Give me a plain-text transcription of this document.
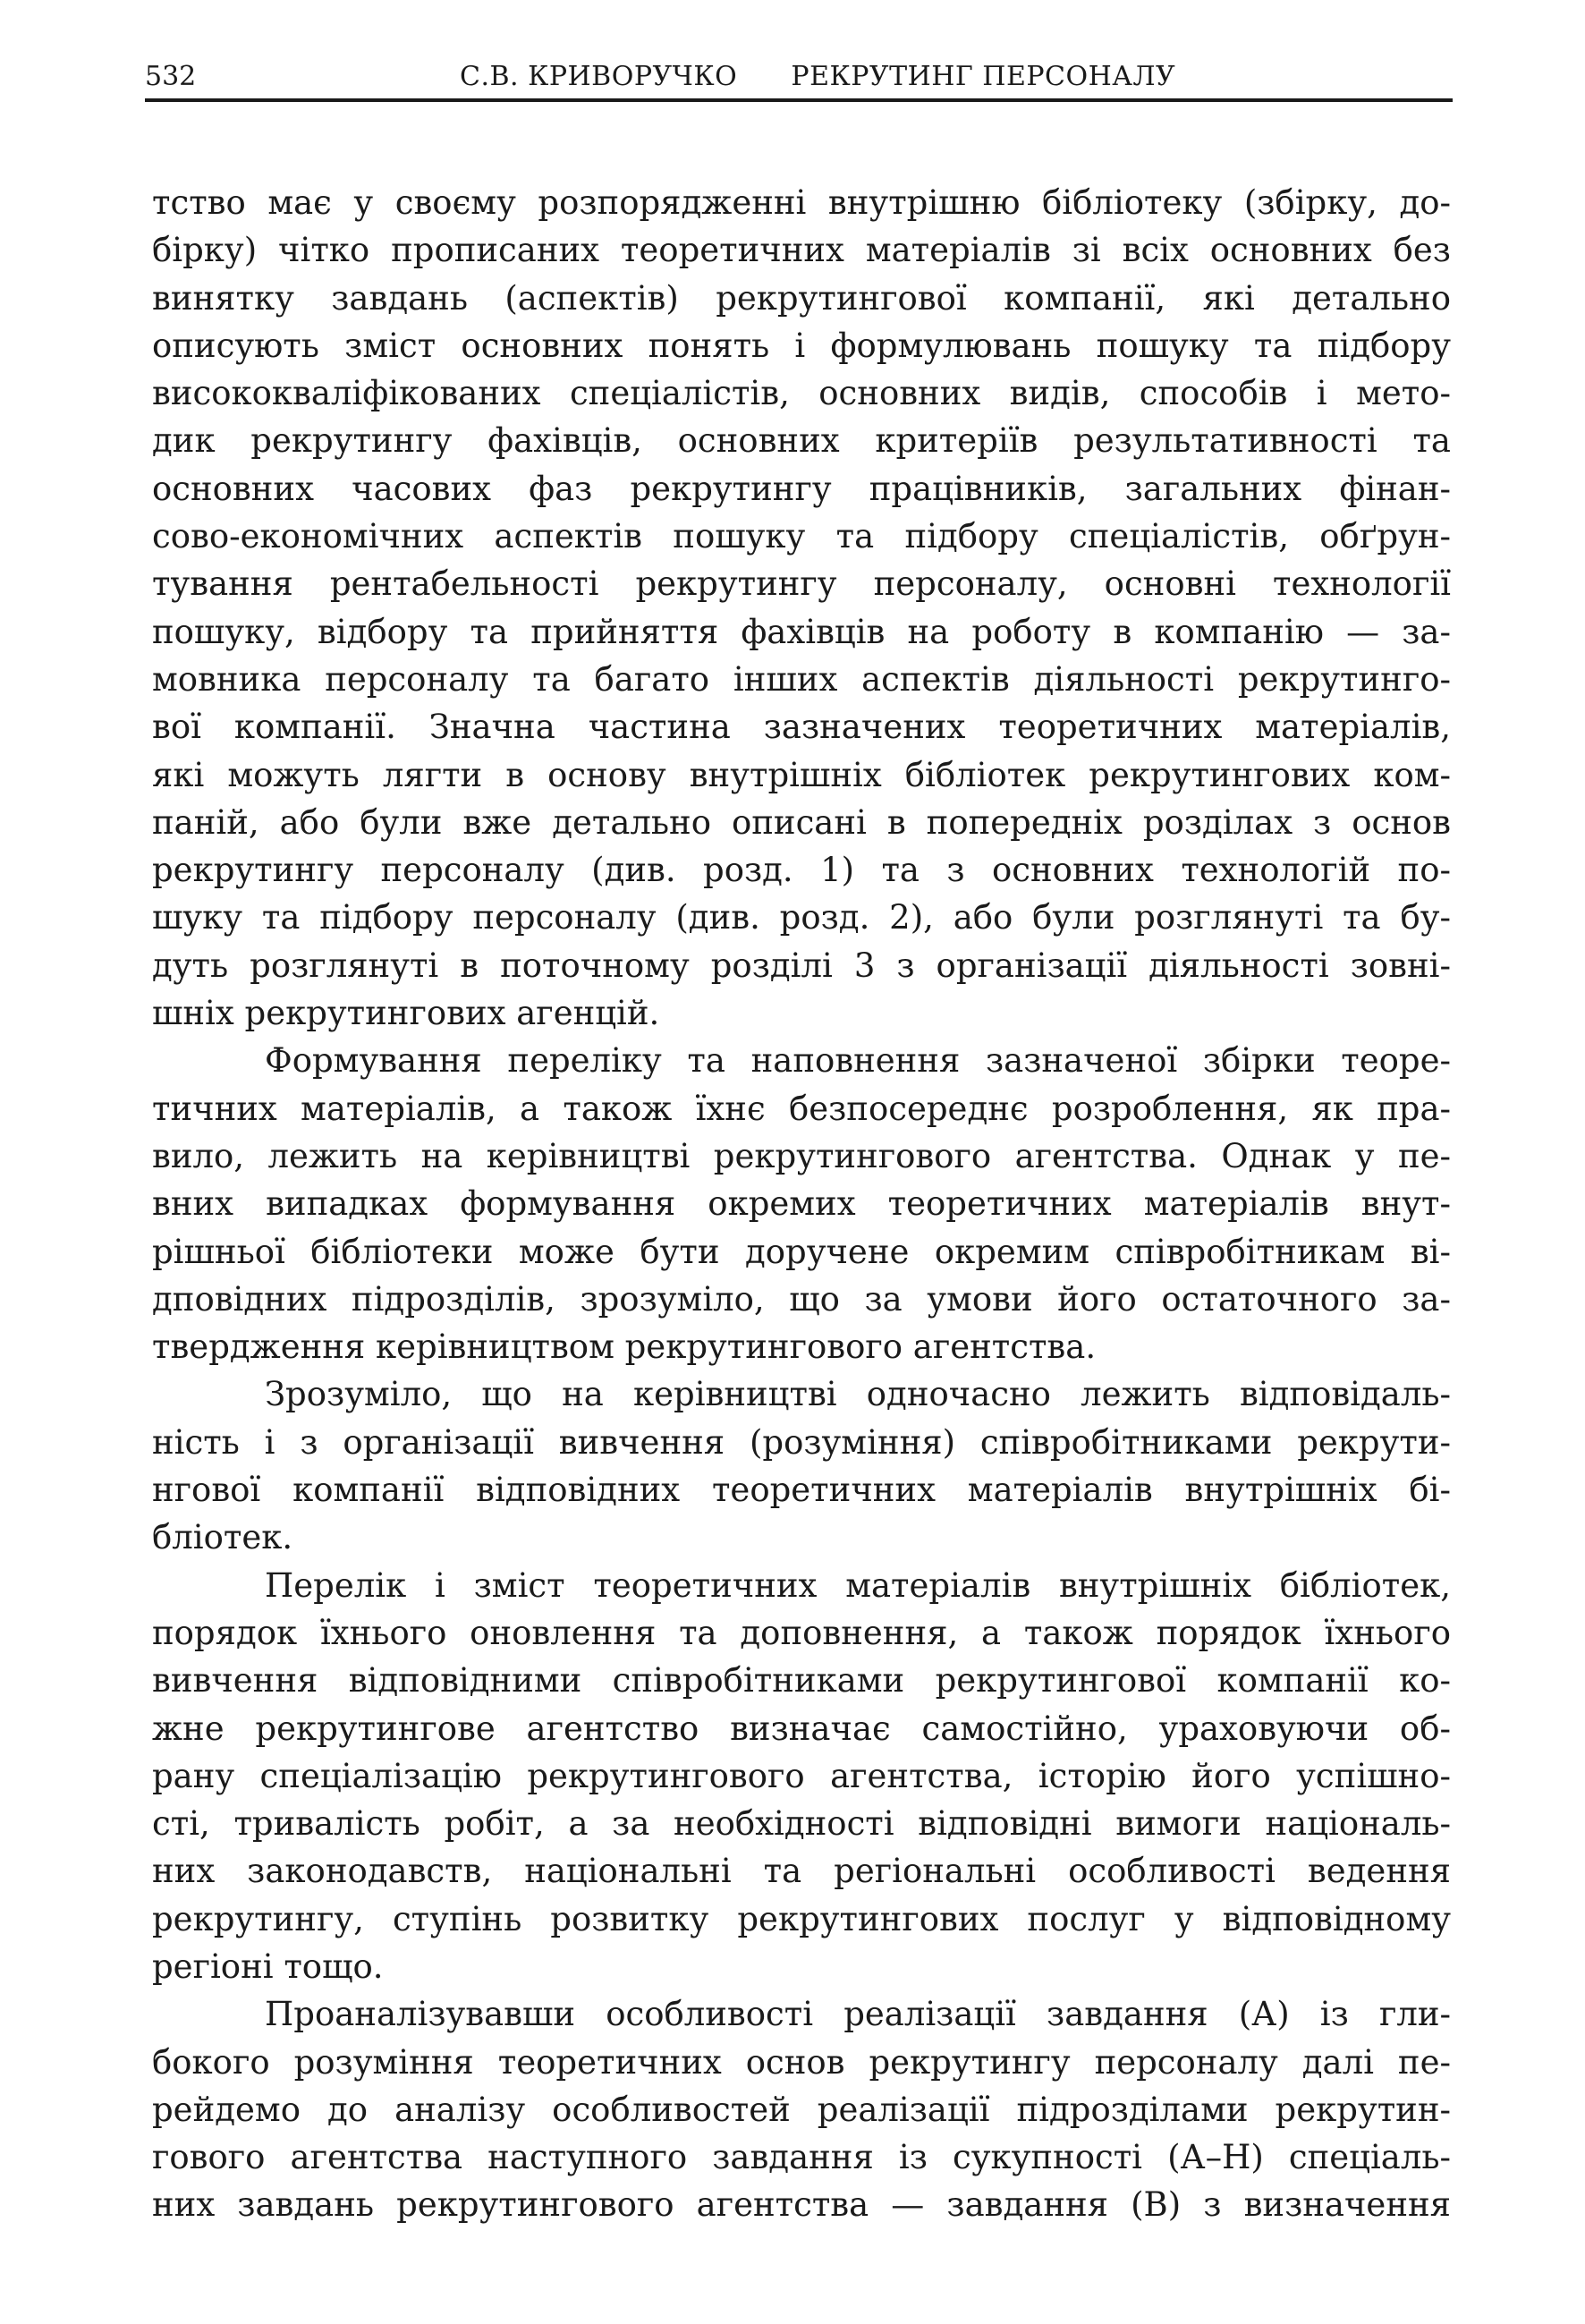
532	С.В. КРИВОРУЧКО      РЕКРУТИНГ ПЕРСОНАЛУ
тство має у своєму розпорядженні внутрішню бібліотеку (збірку, до-
бірку) чітко прописаних теоретичних матеріалів зі всіх основних без
винятку завдань (аспектів) рекрутингової компанії, які детально
описують зміст основних понять і формулювань пошуку та підбору
висококваліфікованих спеціалістів, основних видів, способів і мето-
дик рекрутингу фахівців, основних критеріїв результативності та
основних часових фаз рекрутингу працівників, загальних фінан-
сово-економічних аспектів пошуку та підбору спеціалістів, обґрун-
тування рентабельності рекрутингу персоналу, основні технології
пошуку, відбору та прийняття фахівців на роботу в компанію — за-
мовника персоналу та багато інших аспектів діяльності рекрутинго-
вої компанії. Значна частина зазначених теоретичних матеріалів,
які можуть лягти в основу внутрішніх бібліотек рекрутингових ком-
паній, або були вже детально описані в попередніх розділах з основ
рекрутингу персоналу (див. розд. 1) та з основних технологій по-
шуку та підбору персоналу (див. розд. 2), або були розглянуті та бу-
дуть розглянуті в поточному розділі 3 з організації діяльності зовні-
шніх рекрутингових агенцій.
Формування переліку та наповнення зазначеної збірки теоре-
тичних матеріалів, а також їхнє безпосереднє розроблення, як пра-
вило, лежить на керівництві рекрутингового агентства. Однак у пе-
вних випадках формування окремих теоретичних матеріалів внут-
рішньої бібліотеки може бути доручене окремим співробітникам ві-
дповідних підрозділів, зрозуміло, що за умови його остаточного за-
твердження керівництвом рекрутингового агентства.
Зрозуміло, що на керівництві одночасно лежить відповідаль-
ність і з організації вивчення (розуміння) співробітниками рекрути-
нгової компанії відповідних теоретичних матеріалів внутрішніх бі-
бліотек.
Перелік і зміст теоретичних матеріалів внутрішніх бібліотек,
порядок їхнього оновлення та доповнення, а також порядок їхнього
вивчення відповідними співробітниками рекрутингової компанії ко-
жне рекрутингове агентство визначає самостійно, ураховуючи об-
рану спеціалізацію рекрутингового агентства, історію його успішно-
сті, тривалість робіт, а за необхідності відповідні вимоги національ-
них законодавств, національні та регіональні особливості ведення
рекрутингу, ступінь розвитку рекрутингових послуг у відповідному
регіоні тощо.
Проаналізувавши особливості реалізації завдання (А) із гли-
бокого розуміння теоретичних основ рекрутингу персоналу далі пе-
рейдемо до аналізу особливостей реалізації підрозділами рекрутин-
гового агентства наступного завдання із сукупності (А–Н) спеціаль-
них завдань рекрутингового агентства — завдання (В) з визначення
